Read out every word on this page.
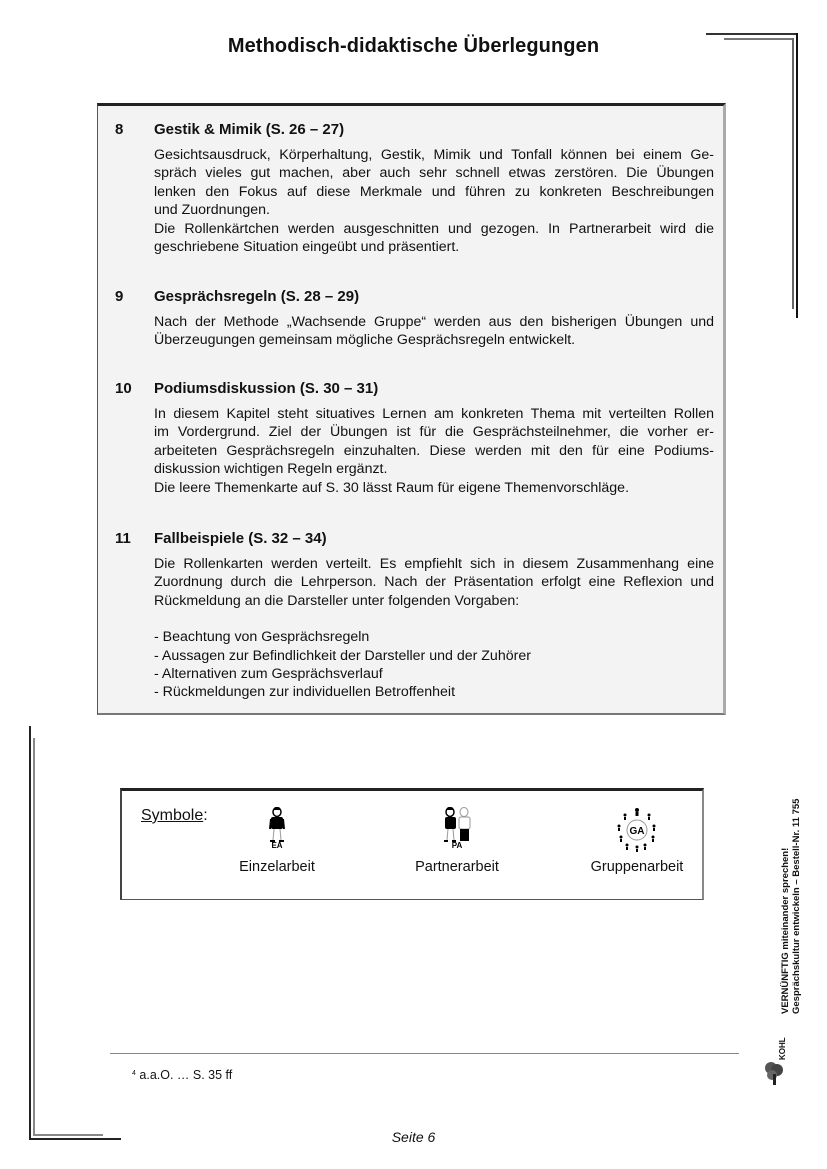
Methodisch-didaktische Überlegungen
8 Gestik & Mimik (S. 26 – 27)

Gesichtsausdruck, Körperhaltung, Gestik, Mimik und Tonfall können bei einem Ge-

spräch vieles gut machen, aber auch sehr schnell etwas zerstören. Die Übungen

lenken den Fokus auf diese Merkmale und führen zu konkreten Beschreibungen

und Zuordnungen.

Die Rollenkärtchen werden ausgeschnitten und gezogen. In Partnerarbeit wird die

geschriebene Situation eingeübt und präsentiert.

9 Gesprächsregeln (S. 28 – 29)

Nach der Methode „Wachsende Gruppe“ werden aus den bisherigen Übungen und

Überzeugungen gemeinsam mögliche Gesprächsregeln entwickelt.

10 Podiumsdiskussion (S. 30 – 31)

In diesem Kapitel steht situatives Lernen am konkreten Thema mit verteilten Rollen

im Vordergrund. Ziel der Übungen ist für die Gesprächsteilnehmer, die vorher er-

arbeiteten Gesprächsregeln einzuhalten. Diese werden mit den für eine Podiums-

diskussion wichtigen Regeln ergänzt.

Die leere Themenkarte auf S. 30 lässt Raum für eigene Themenvorschläge.

11 Fallbeispiele (S. 32 – 34)

Die Rollenkarten werden verteilt. Es empfiehlt sich in diesem Zusammenhang eine

Zuordnung durch die Lehrperson. Nach der Präsentation erfolgt eine Reflexion und

Rückmeldung an die Darsteller unter folgenden Vorgaben:

- Beachtung von Gesprächsregeln
- Aussagen zur Befindlichkeit der Darsteller und der Zuhörer
- Alternativen zum Gesprächsverlauf
- Rückmeldungen zur individuellen Betroffenheit
Symbole:
EA
Einzelarbeit
PA
Partnerarbeit
GA
Gruppenarbeit
KOHL
VERNÜNFTIG miteinander sprechen! Gesprächskultur entwickeln – Bestell-Nr. 11 755
$^4$ a.a.O. … S. 35 ff
Seite 6
